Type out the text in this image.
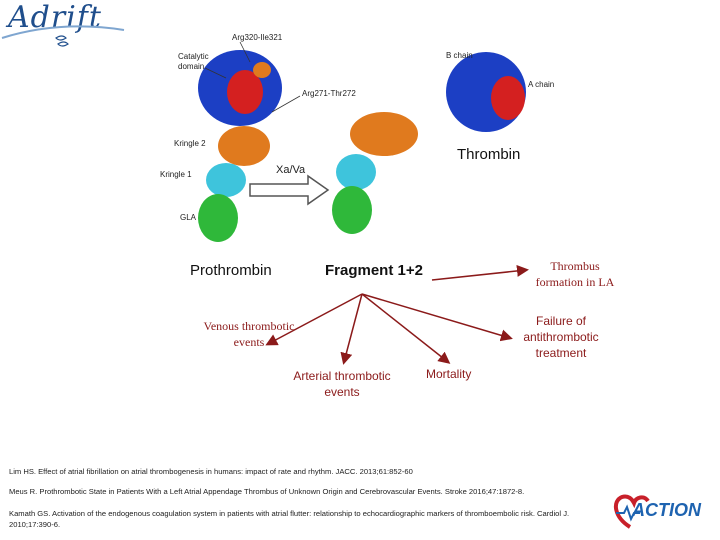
Adrift
Catalytic
domain
Arg320-Ile321
Arg271-Thr272
Kringle 2
Kringle 1
GLA
B chain
A chain
Xa/Va
Thrombin
Prothrombin	Fragment 1+2	Thrombus formation in LA
Venous thrombotic events
Failure of antithrombotic treatment
Arterial thrombotic events
Mortality
Lim HS. Effect of atrial fibrillation on atrial thrombogenesis in humans: impact of rate and rhythm. JACC. 2013;61:852-60
Meus R. Prothrombotic State in Patients With a Left Atrial Appendage Thrombus of Unknown Origin and Cerebrovascular Events. Stroke 2016;47:1872-8.
Kamath GS. Activation of the endogenous coagulation system in patients with atrial flutter: relationship to echocardiographic markers of thromboembolic risk. Cardiol J. 2010;17:390-6.
ACTION
